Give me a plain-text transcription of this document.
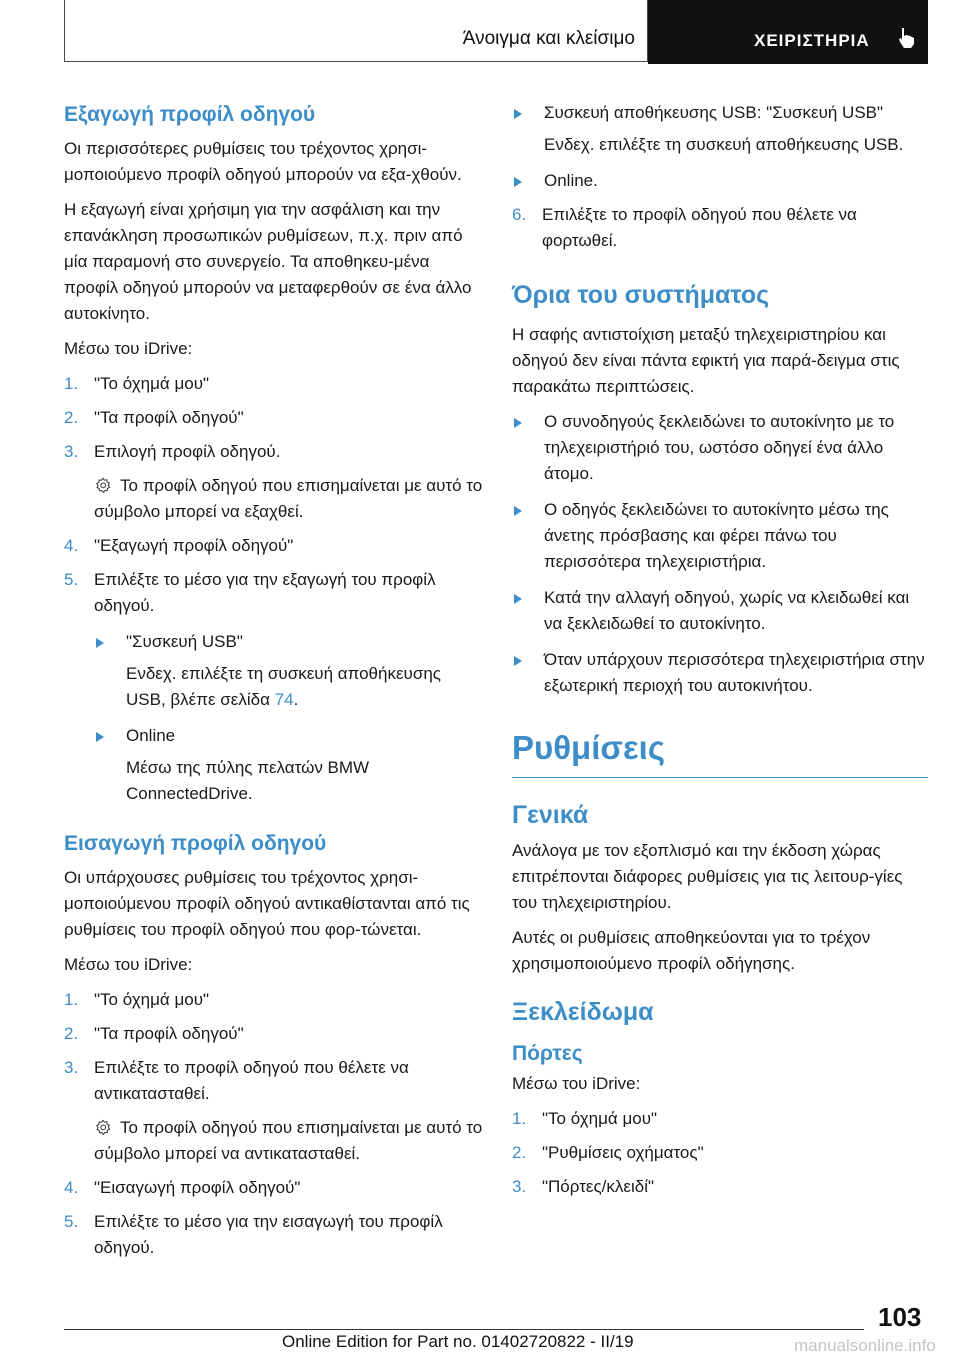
Άνοιγμα και κλείσιμο	ΧΕΙΡΙΣΤΗΡΙΑ
Εξαγωγή προφίλ οδηγού

Οι περισσότερες ρυθμίσεις του τρέχοντος χρησι-μοποιούμενο προφίλ οδηγού μπορούν να εξα-χθούν.

Η εξαγωγή είναι χρήσιμη για την ασφάλιση και την επανάκληση προσωπικών ρυθμίσεων, π.χ. πριν από μία παραμονή στο συνεργείο. Τα αποθηκευ-μένα προφίλ οδηγού μπορούν να μεταφερθούν σε ένα άλλο αυτοκίνητο.

Μέσω του iDrive:

1. "Το όχημά μου"
2. "Τα προφίλ οδηγού"
3. Επιλογή προφίλ οδηγού.
Το προφίλ οδηγού που επισημαίνεται με αυτό το σύμβολο μπορεί να εξαχθεί.
4. "Εξαγωγή προφίλ οδηγού"
5. Επιλέξτε το μέσο για την εξαγωγή του προφίλ οδηγού.
"Συσκευή USB"
Ενδεχ. επιλέξτε τη συσκευή αποθήκευσης USB, βλέπε σελίδα 74.
Online
Μέσω της πύλης πελατών BMW ConnectedDrive.
Εισαγωγή προφίλ οδηγού

Οι υπάρχουσες ρυθμίσεις του τρέχοντος χρησι-μοποιούμενου προφίλ οδηγού αντικαθίστανται από τις ρυθμίσεις του προφίλ οδηγού που φορ-τώνεται.

Μέσω του iDrive:

1. "Το όχημά μου"
2. "Τα προφίλ οδηγού"
3. Επιλέξτε το προφίλ οδηγού που θέλετε να αντικατασταθεί.
Το προφίλ οδηγού που επισημαίνεται με αυτό το σύμβολο μπορεί να αντικατασταθεί.
4. "Εισαγωγή προφίλ οδηγού"
5. Επιλέξτε το μέσο για την εισαγωγή του προφίλ οδηγού.
Συσκευή αποθήκευσης USB: "Συσκευή USB"
Ενδεχ. επιλέξτε τη συσκευή αποθήκευσης USB.
Online.
6. Επιλέξτε το προφίλ οδηγού που θέλετε να φορτωθεί.
Όρια του συστήματος

Η σαφής αντιστοίχιση μεταξύ τηλεχειριστηρίου και οδηγού δεν είναι πάντα εφικτή για παρά-δειγμα στις παρακάτω περιπτώσεις.

Ο συνοδηγούς ξεκλειδώνει το αυτοκίνητο με το τηλεχειριστήριό του, ωστόσο οδηγεί ένα άλλο άτομο.
Ο οδηγός ξεκλειδώνει το αυτοκίνητο μέσω της άνετης πρόσβασης και φέρει πάνω του περισσότερα τηλεχειριστήρια.
Κατά την αλλαγή οδηγού, χωρίς να κλειδωθεί και να ξεκλειδωθεί το αυτοκίνητο.
Όταν υπάρχουν περισσότερα τηλεχειριστήρια στην εξωτερική περιοχή του αυτοκινήτου.
Ρυθμίσεις
Γενικά

Ανάλογα με τον εξοπλισμό και την έκδοση χώρας επιτρέπονται διάφορες ρυθμίσεις για τις λειτουρ-γίες του τηλεχειριστηρίου.

Αυτές οι ρυθμίσεις αποθηκεύονται για το τρέχον χρησιμοποιούμενο προφίλ οδήγησης.

Ξεκλείδωμα
Πόρτες

Μέσω του iDrive:

1. "Το όχημά μου"
2. "Ρυθμίσεις οχήματος"
3. "Πόρτες/κλειδί"
103
Online Edition for Part no. 01402720822 - II/19	manualsonline.info
